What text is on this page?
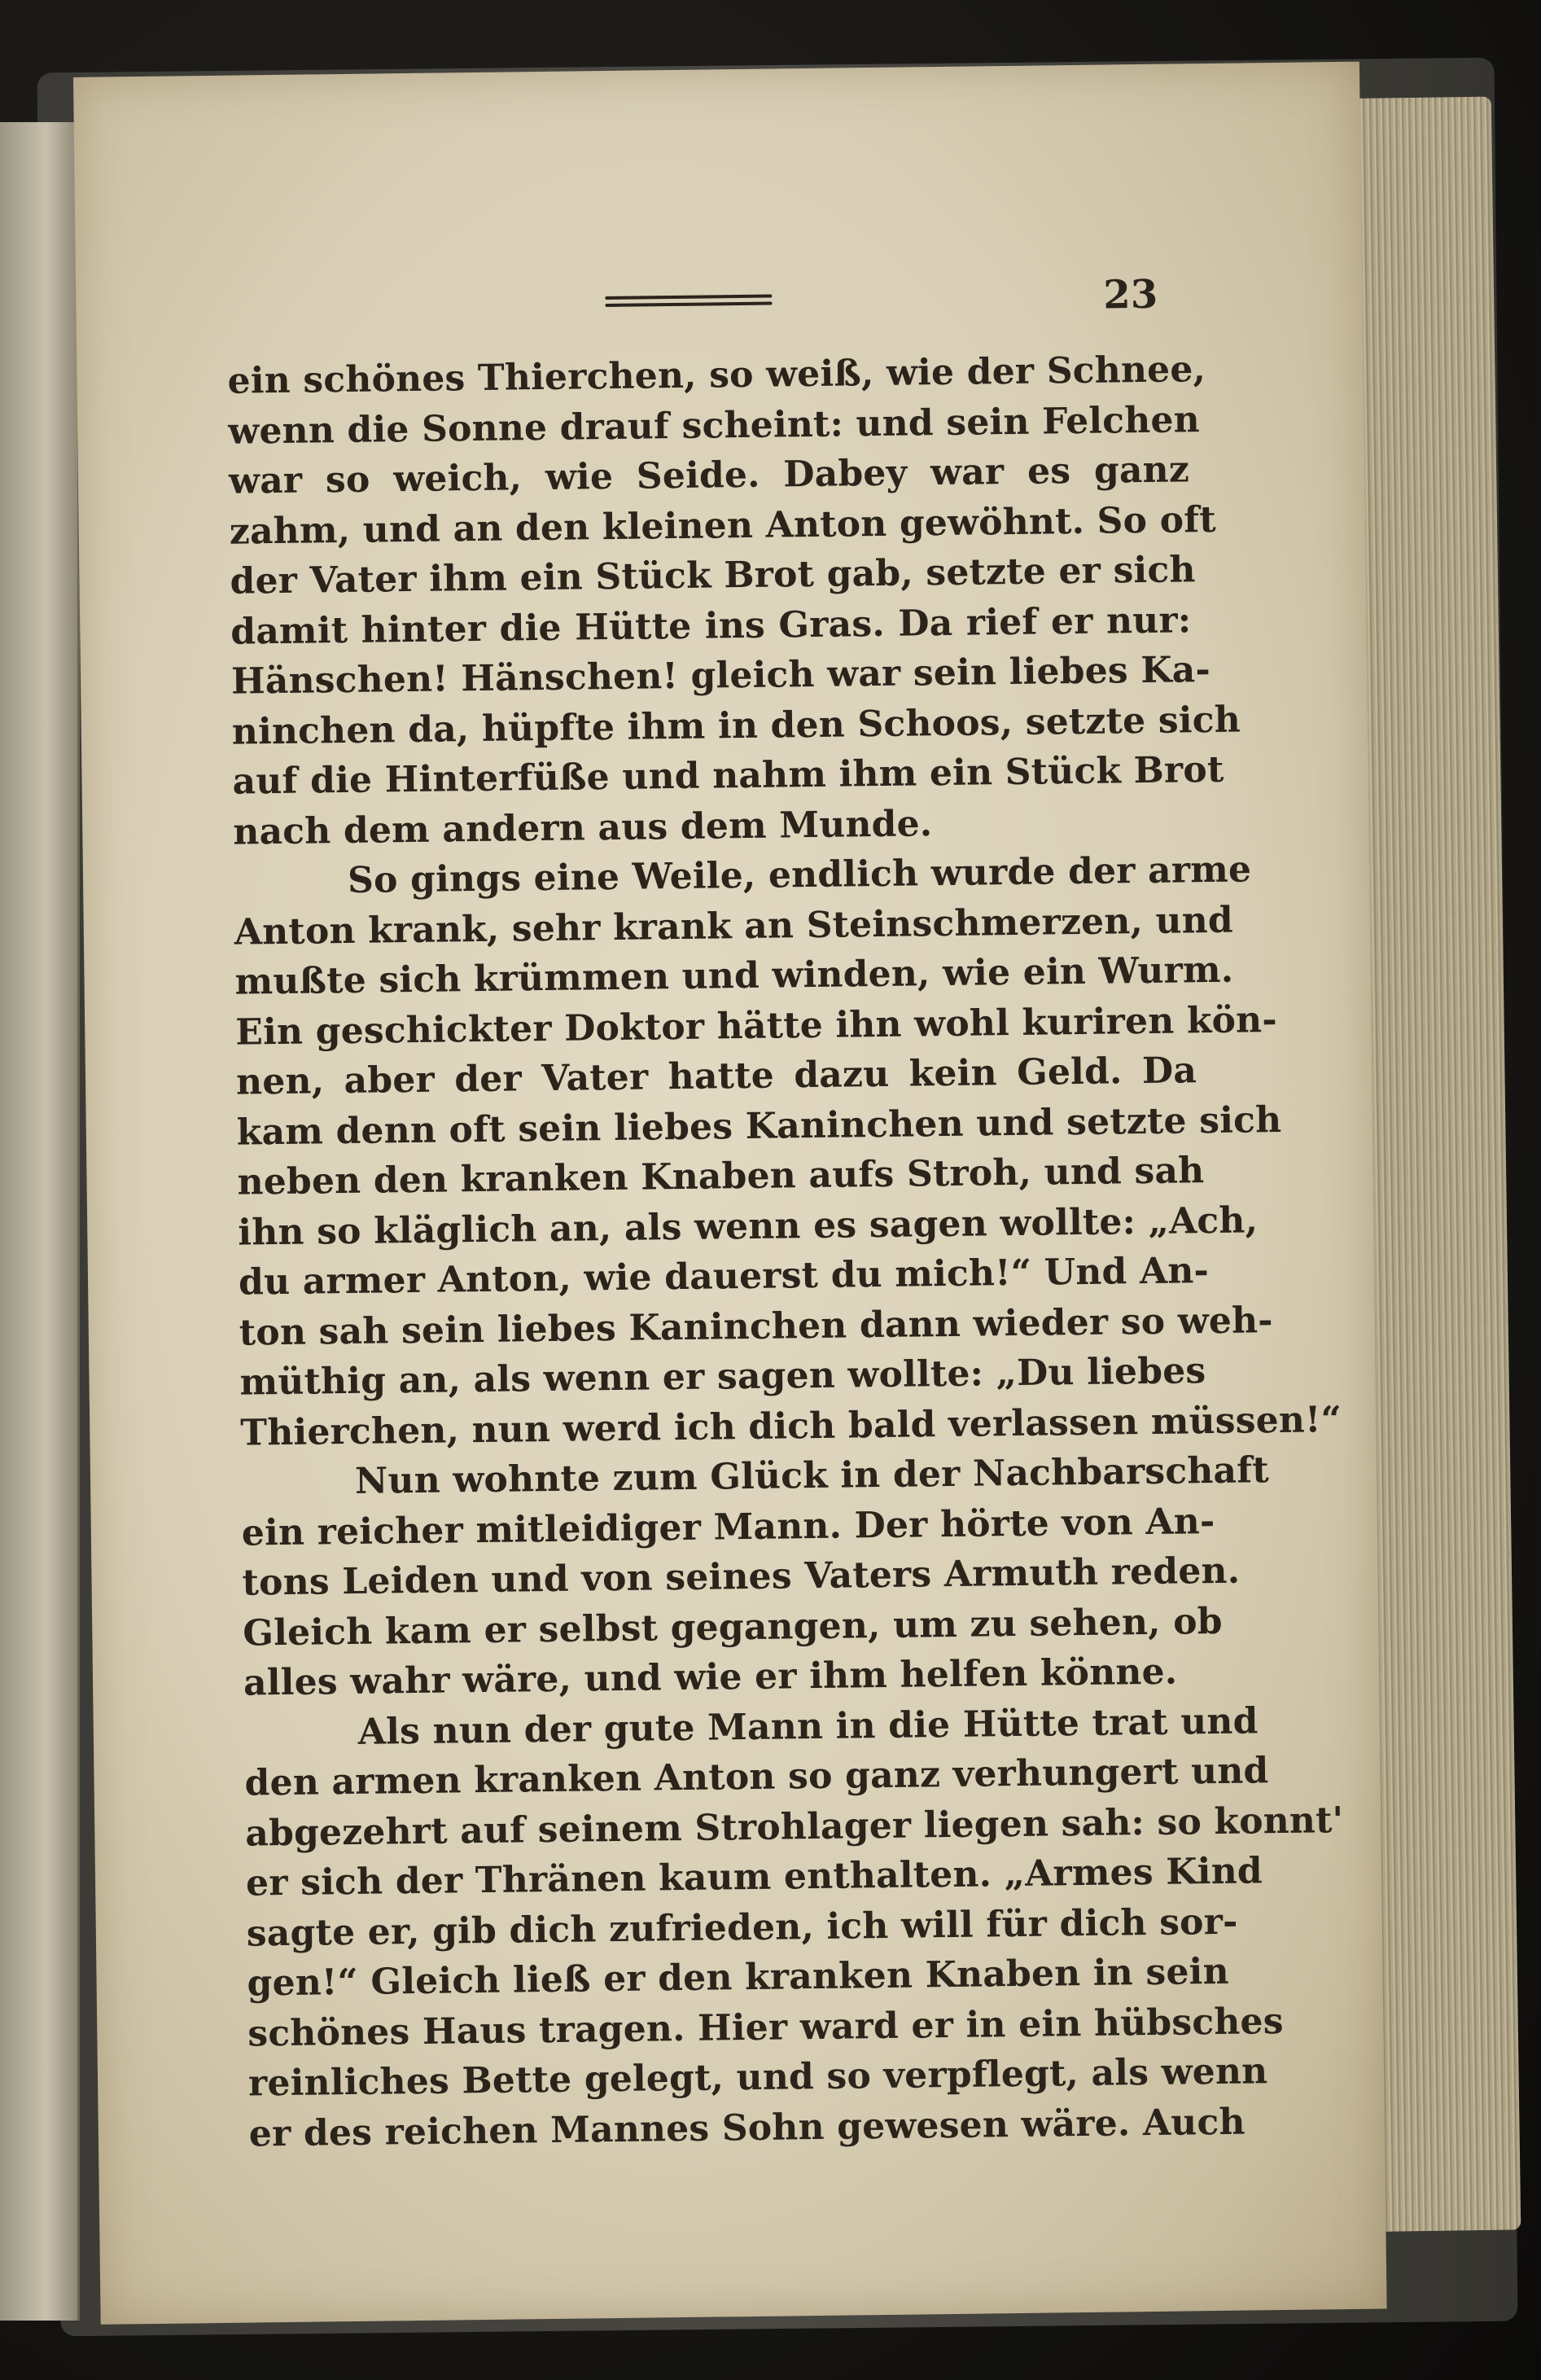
23
ein schönes Thierchen, so weiß, wie der Schnee,
wenn die Sonne drauf scheint: und sein Felchen
war so weich, wie Seide. Dabey war es ganz
zahm, und an den kleinen Anton gewöhnt. So oft
der Vater ihm ein Stück Brot gab, setzte er sich
damit hinter die Hütte ins Gras. Da rief er nur:
Hänschen! Hänschen! gleich war sein liebes Ka-
ninchen da, hüpfte ihm in den Schoos, setzte sich
auf die Hinterfüße und nahm ihm ein Stück Brot
nach dem andern aus dem Munde.
So gings eine Weile, endlich wurde der arme
Anton krank, sehr krank an Steinschmerzen, und
mußte sich krümmen und winden, wie ein Wurm.
Ein geschickter Doktor hätte ihn wohl kuriren kön-
nen, aber der Vater hatte dazu kein Geld. Da
kam denn oft sein liebes Kaninchen und setzte sich
neben den kranken Knaben aufs Stroh, und sah
ihn so kläglich an, als wenn es sagen wollte: „Ach,
du armer Anton, wie dauerst du mich!“ Und An-
ton sah sein liebes Kaninchen dann wieder so weh-
müthig an, als wenn er sagen wollte: „Du liebes
Thierchen, nun werd ich dich bald verlassen müssen!“
Nun wohnte zum Glück in der Nachbarschaft
ein reicher mitleidiger Mann. Der hörte von An-
tons Leiden und von seines Vaters Armuth reden.
Gleich kam er selbst gegangen, um zu sehen, ob
alles wahr wäre, und wie er ihm helfen könne.
Als nun der gute Mann in die Hütte trat und
den armen kranken Anton so ganz verhungert und
abgezehrt auf seinem Strohlager liegen sah: so konnt'
er sich der Thränen kaum enthalten. „Armes Kind
sagte er, gib dich zufrieden, ich will für dich sor-
gen!“ Gleich ließ er den kranken Knaben in sein
schönes Haus tragen. Hier ward er in ein hübsches
reinliches Bette gelegt, und so verpflegt, als wenn
er des reichen Mannes Sohn gewesen wäre. Auch
